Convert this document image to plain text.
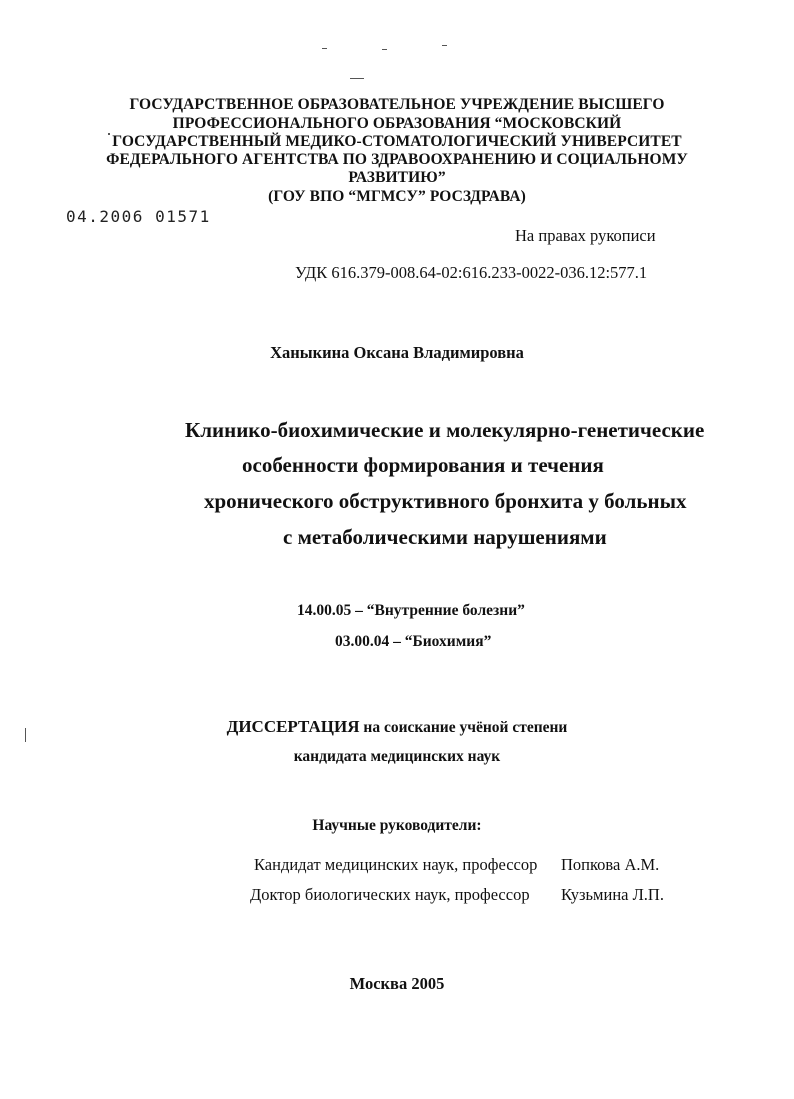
ГОСУДАРСТВЕННОЕ ОБРАЗОВАТЕЛЬНОЕ УЧРЕЖДЕНИЕ ВЫСШЕГО
ПРОФЕССИОНАЛЬНОГО ОБРАЗОВАНИЯ “МОСКОВСКИЙ
ГОСУДАРСТВЕННЫЙ МЕДИКО-СТОМАТОЛОГИЧЕСКИЙ УНИВЕРСИТЕТ
ФЕДЕРАЛЬНОГО АГЕНТСТВА ПО ЗДРАВООХРАНЕНИЮ И СОЦИАЛЬНОМУ
РАЗВИТИЮ”
(ГОУ ВПО “МГМСУ” РОСЗДРАВА)
04.2006 01571
На правах рукописи
УДК 616.379-008.64-02:616.233-0022-036.12:577.1
Ханыкина Оксана Владимировна
Клинико-биохимические и молекулярно-генетические
особенности формирования и течения
хронического обструктивного бронхита у больных
с метаболическими нарушениями
14.00.05 – “Внутренние болезни”
03.00.04 – “Биохимия”
ДИССЕРТАЦИЯ на соискание учёной степени
кандидата медицинских наук
Научные руководители:
Кандидат медицинских наук, профессор Попкова А.М.
Доктор биологических наук, профессор Кузьмина Л.П.
Москва 2005
